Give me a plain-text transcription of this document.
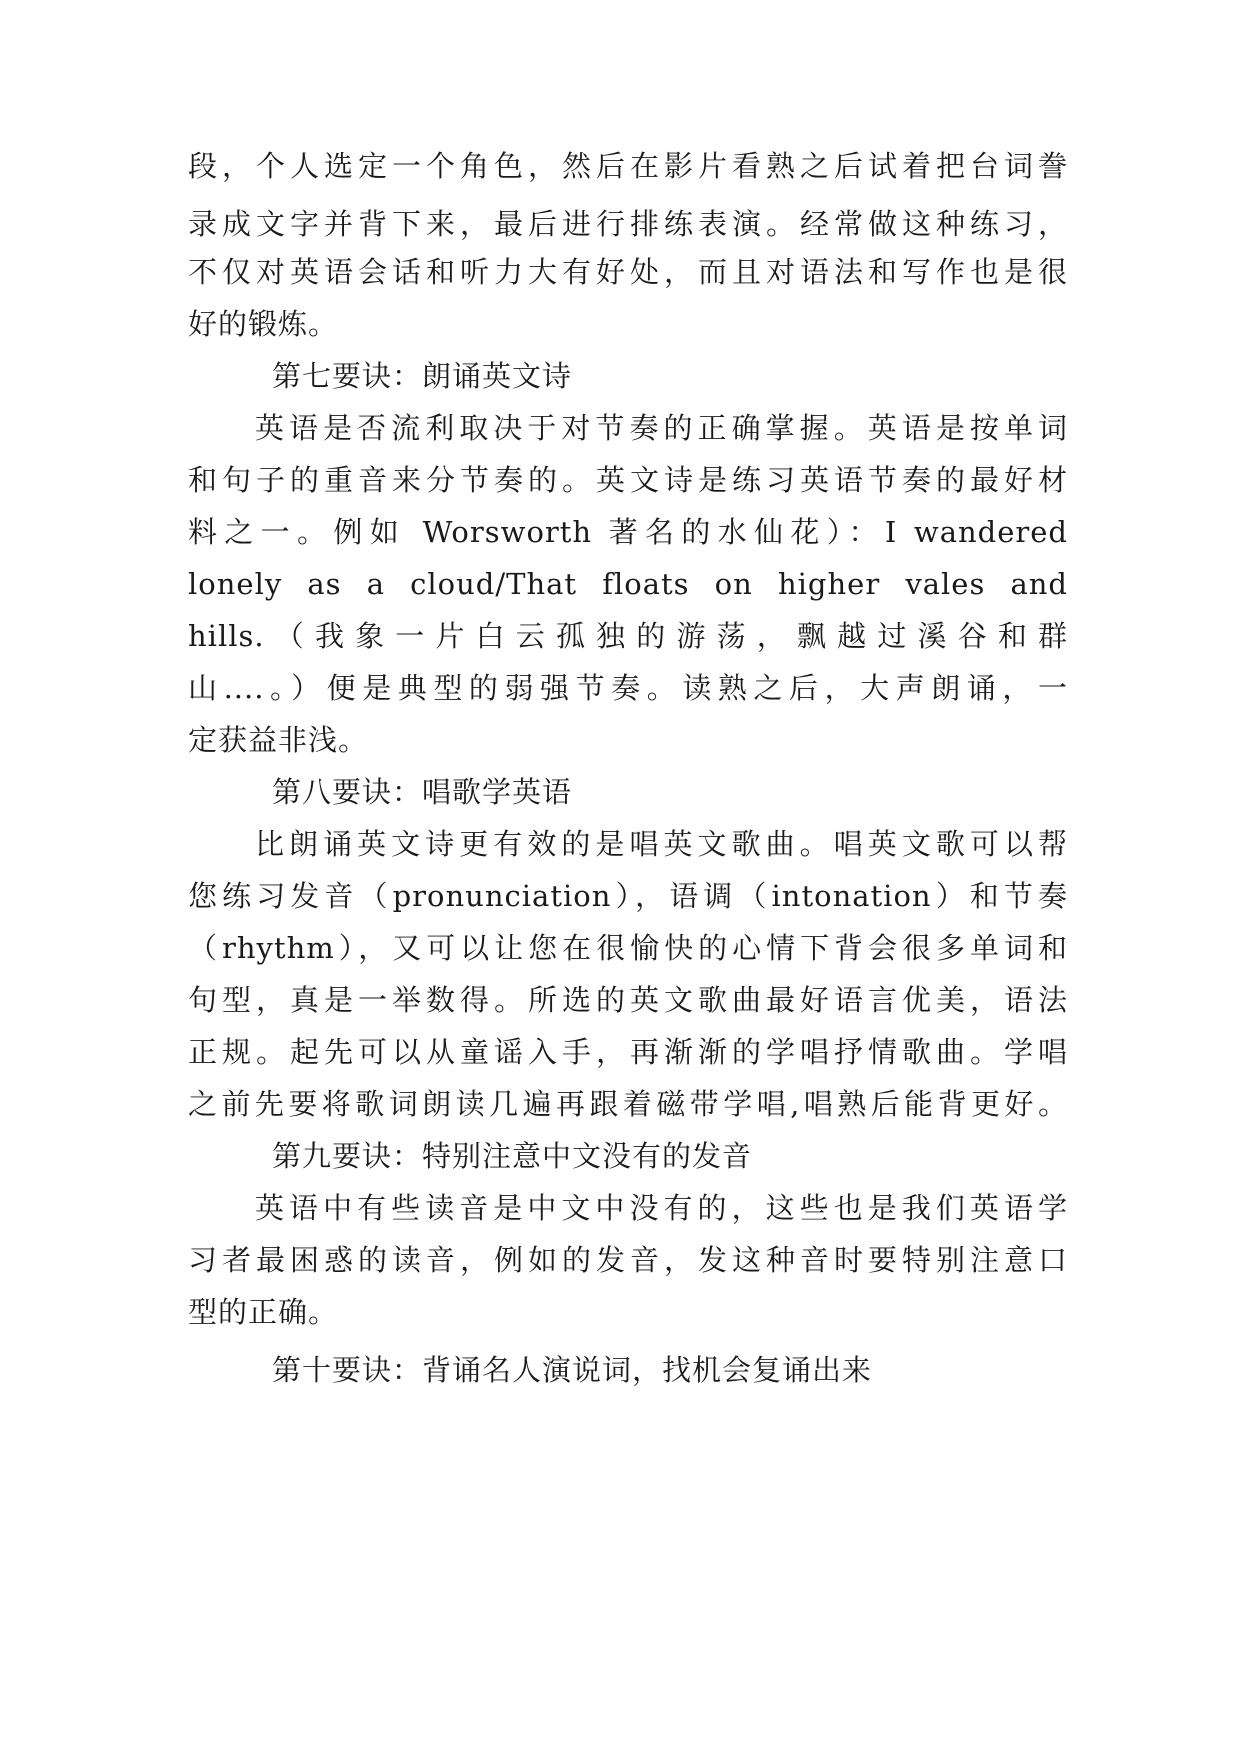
段，个人选定一个角色，然后在影片看熟之后试着把台词誊
录成文字并背下来，最后进行排练表演。经常做这种练习，
不仅对英语会话和听力大有好处，而且对语法和写作也是很
好的锻炼。
第七要诀：朗诵英文诗
英语是否流利取决于对节奏的正确掌握。英语是按单词
和句子的重音来分节奏的。英文诗是练习英语节奏的最好材
料之一。例如 Worsworth 著名的水仙花）：I wandered
lonely as a cloud/That floats on higher vales and
hills.（我象一片白云孤独的游荡，飘越过溪谷和群
山....。）便是典型的弱强节奏。读熟之后，大声朗诵，一
定获益非浅。
第八要诀：唱歌学英语
比朗诵英文诗更有效的是唱英文歌曲。唱英文歌可以帮
您练习发音（pronunciation），语调（intonation）和节奏
（rhythm），又可以让您在很愉快的心情下背会很多单词和
句型，真是一举数得。所选的英文歌曲最好语言优美，语法
正规。起先可以从童谣入手，再渐渐的学唱抒情歌曲。学唱
之前先要将歌词朗读几遍再跟着磁带学唱,唱熟后能背更好。
第九要诀：特别注意中文没有的发音
英语中有些读音是中文中没有的，这些也是我们英语学
习者最困惑的读音，例如的发音，发这种音时要特别注意口
型的正确。
第十要诀：背诵名人演说词，找机会复诵出来
